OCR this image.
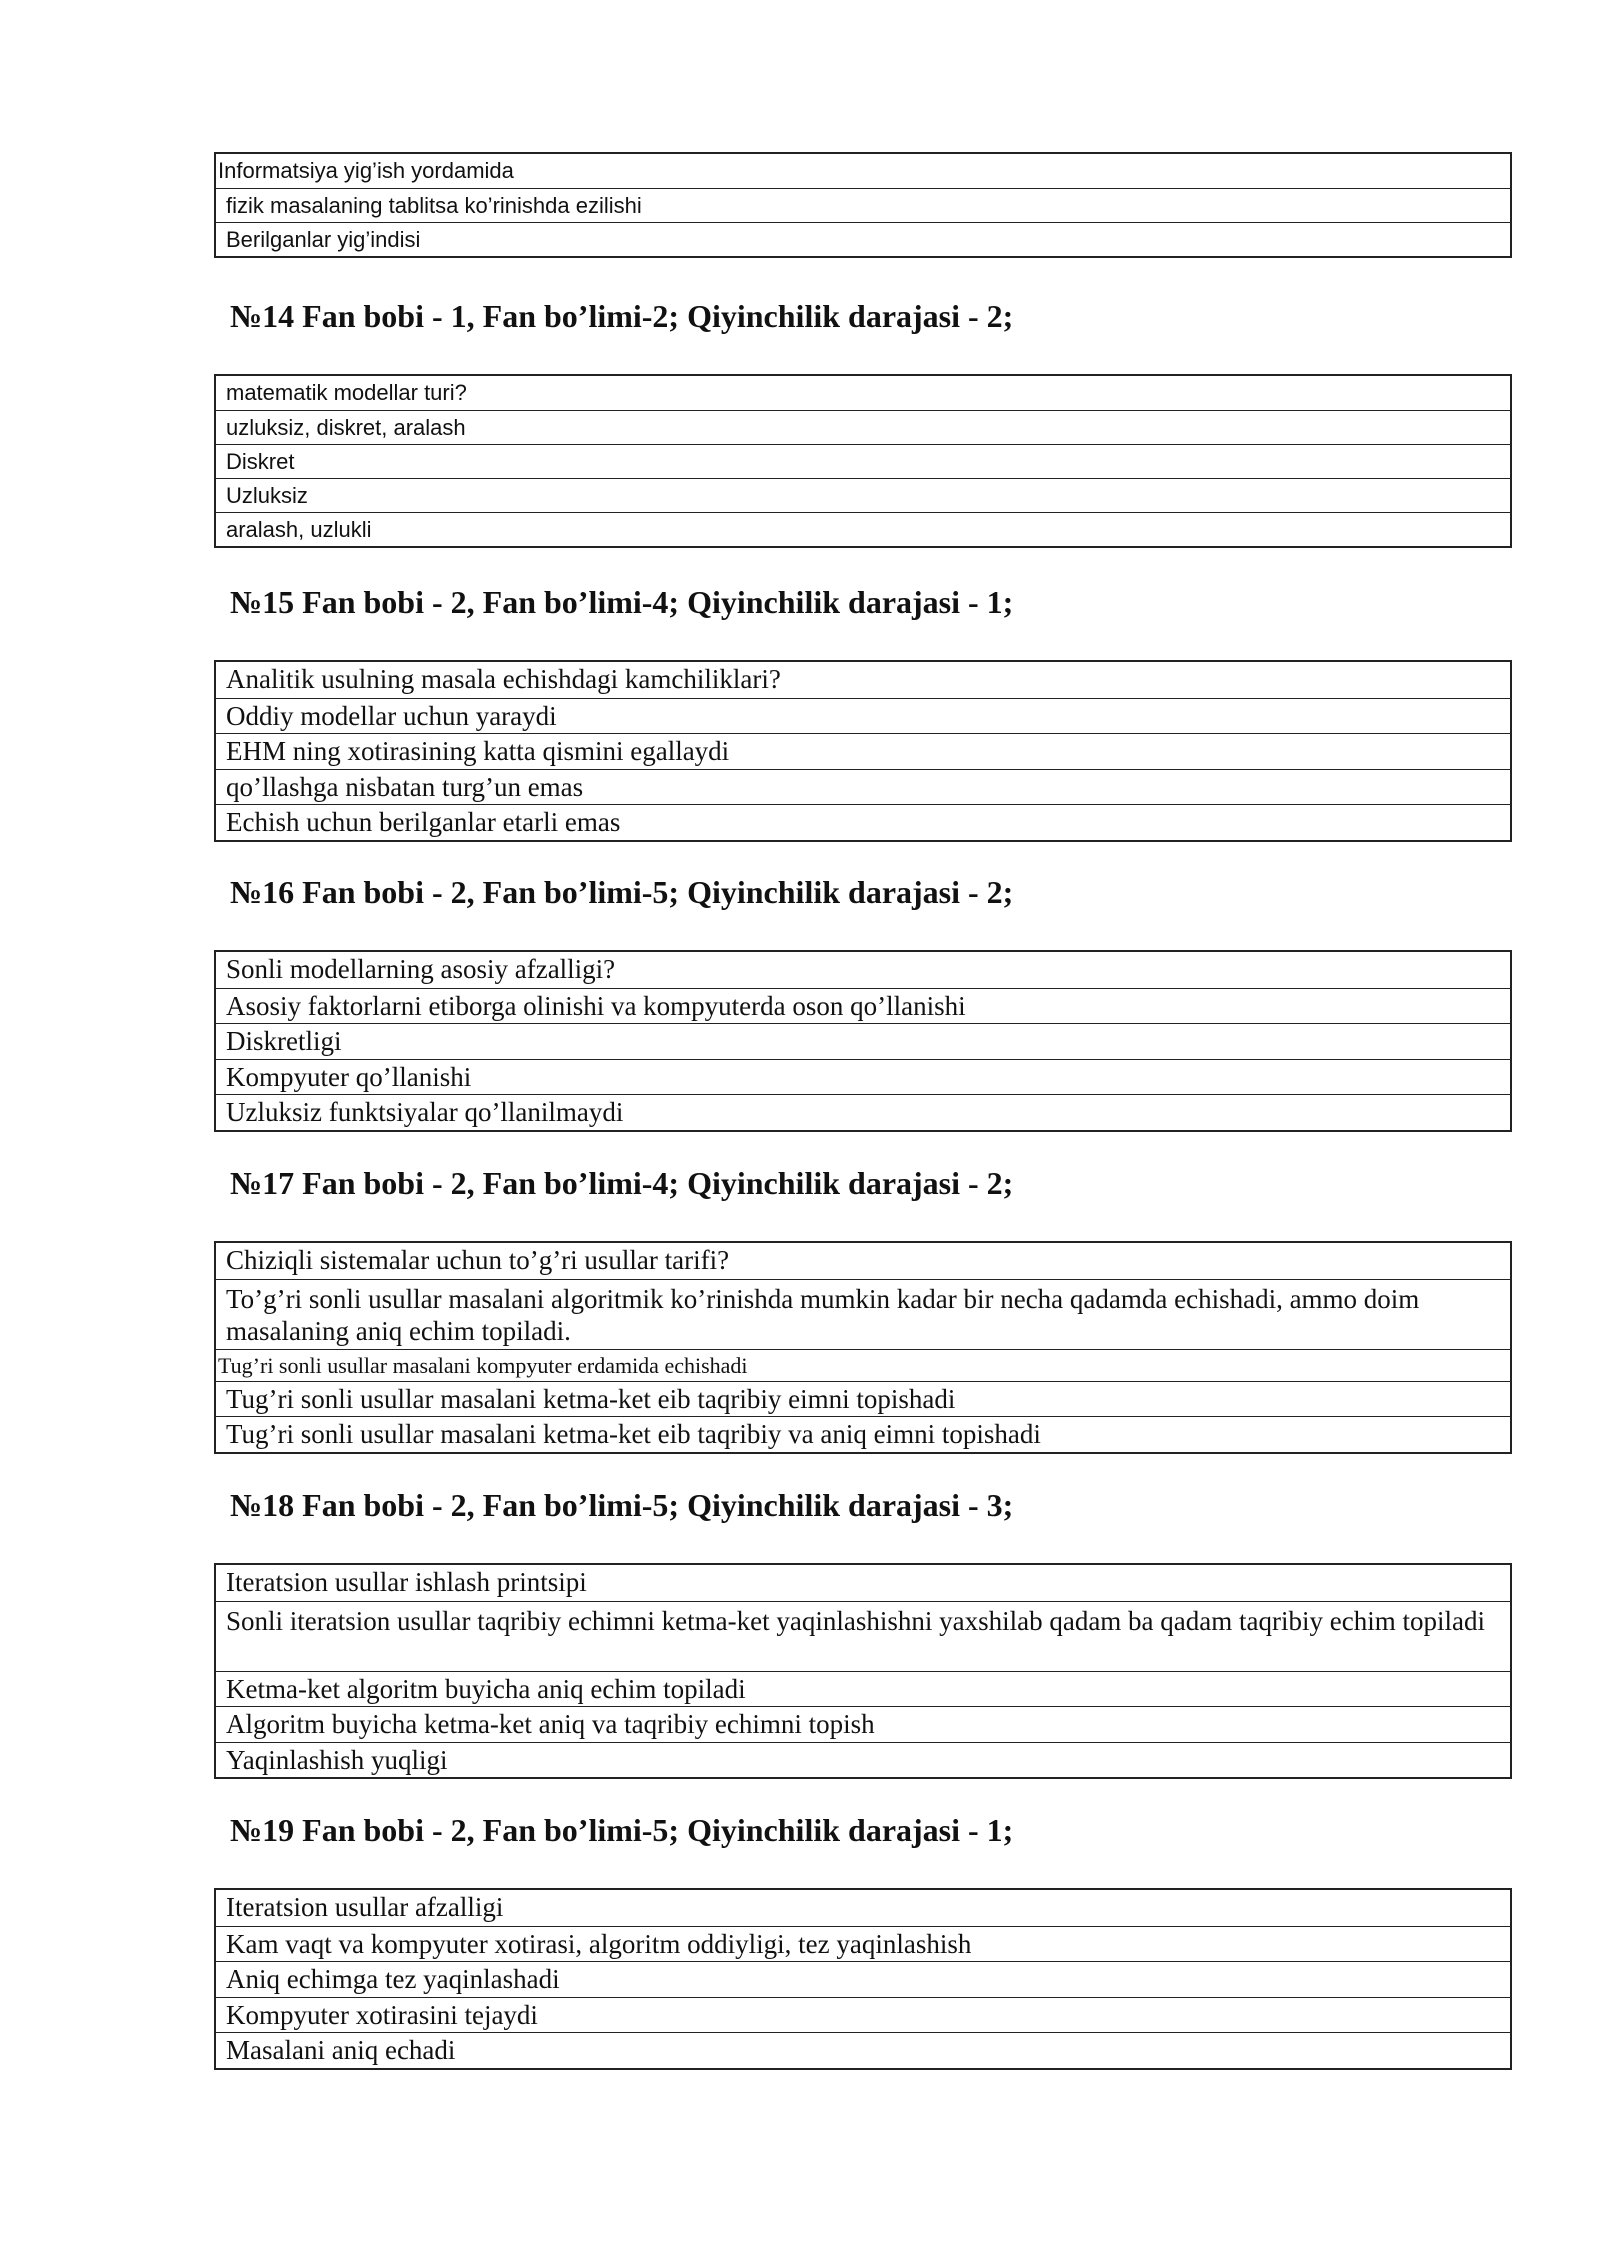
Informatsiya yig’ish yordamida
fizik masalaning tablitsa ko’rinishda ezilishi
Berilganlar yig’indisi
№14 Fan bobi - 1, Fan bo’limi-2; Qiyinchilik darajasi - 2;
matematik modellar turi?
uzluksiz, diskret, aralash
Diskret
Uzluksiz
aralash, uzlukli
№15 Fan bobi - 2, Fan bo’limi-4; Qiyinchilik darajasi - 1;
Analitik usulning masala echishdagi kamchiliklari?
Oddiy modellar uchun yaraydi
EHM ning xotirasining katta qismini egallaydi
qo’llashga nisbatan turg’un emas
Echish uchun berilganlar etarli emas
№16 Fan bobi - 2, Fan bo’limi-5; Qiyinchilik darajasi - 2;
Sonli modellarning asosiy afzalligi?
Asosiy faktorlarni etiborga olinishi va kompyuterda oson qo’llanishi
Diskretligi
Kompyuter qo’llanishi
Uzluksiz funktsiyalar qo’llanilmaydi
№17 Fan bobi - 2, Fan bo’limi-4; Qiyinchilik darajasi - 2;
Chiziqli sistemalar uchun to’g’ri usullar tarifi?
To’g’ri sonli usullar masalani algoritmik ko’rinishda mumkin kadar bir necha qadamda echishadi, ammo doim masalaning aniq echim topiladi.
Tug’ri sonli usullar masalani kompyuter erdamida echishadi
Tug’ri sonli usullar masalani ketma-ket eib taqribiy eimni topishadi
Tug’ri sonli usullar masalani ketma-ket eib taqribiy va aniq eimni topishadi
№18 Fan bobi - 2, Fan bo’limi-5; Qiyinchilik darajasi - 3;
Iteratsion usullar ishlash printsipi
Sonli iteratsion usullar taqribiy echimni ketma-ket yaqinlashishni yaxshilab qadam ba qadam taqribiy echim topiladi
Ketma-ket algoritm buyicha aniq echim topiladi
Algoritm buyicha ketma-ket aniq va taqribiy echimni topish
Yaqinlashish yuqligi
№19 Fan bobi - 2, Fan bo’limi-5; Qiyinchilik darajasi - 1;
Iteratsion usullar afzalligi
Kam vaqt va kompyuter xotirasi, algoritm oddiyligi, tez yaqinlashish
Aniq echimga tez yaqinlashadi
Kompyuter xotirasini tejaydi
Masalani aniq echadi
